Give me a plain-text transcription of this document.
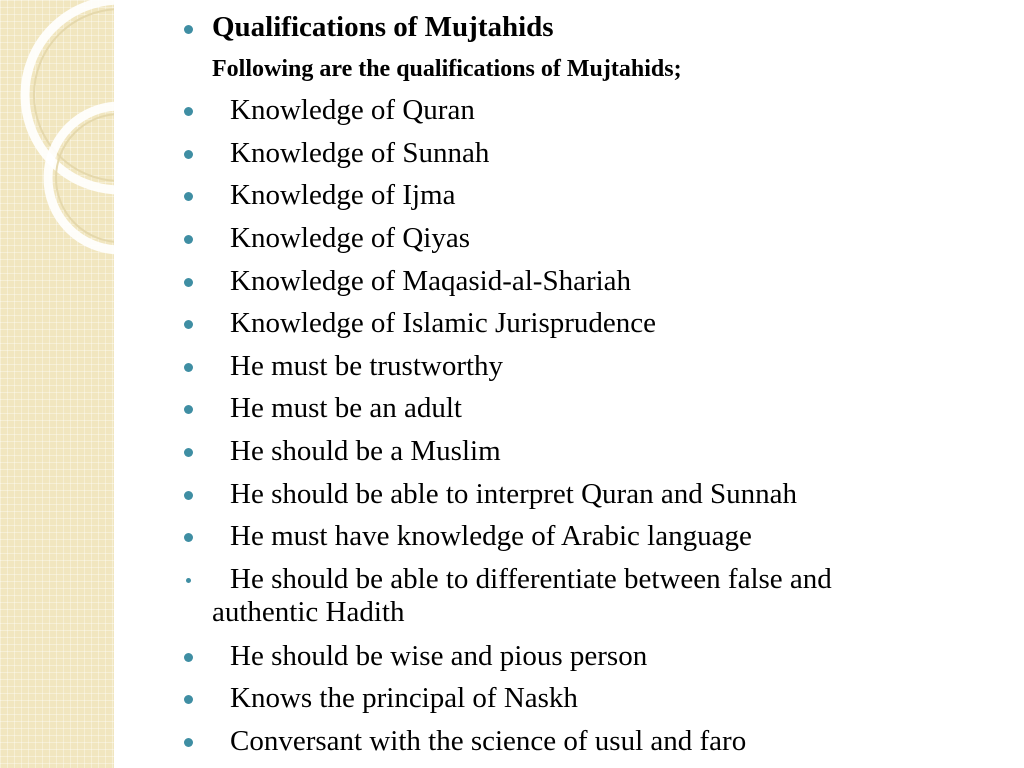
Qualifications of Mujtahids
Following are the qualifications of Mujtahids;
Knowledge of Quran
Knowledge of Sunnah
Knowledge of Ijma
Knowledge of Qiyas
Knowledge of Maqasid-al-Shariah
Knowledge of Islamic Jurisprudence
He must be trustworthy
He must be an adult
He should be a Muslim
He should be able to interpret Quran and Sunnah
He must have knowledge of Arabic language
He should be able to differentiate between false and authentic Hadith
He should be wise and pious person
Knows the principal of Naskh
Conversant with the science of usul and faro
